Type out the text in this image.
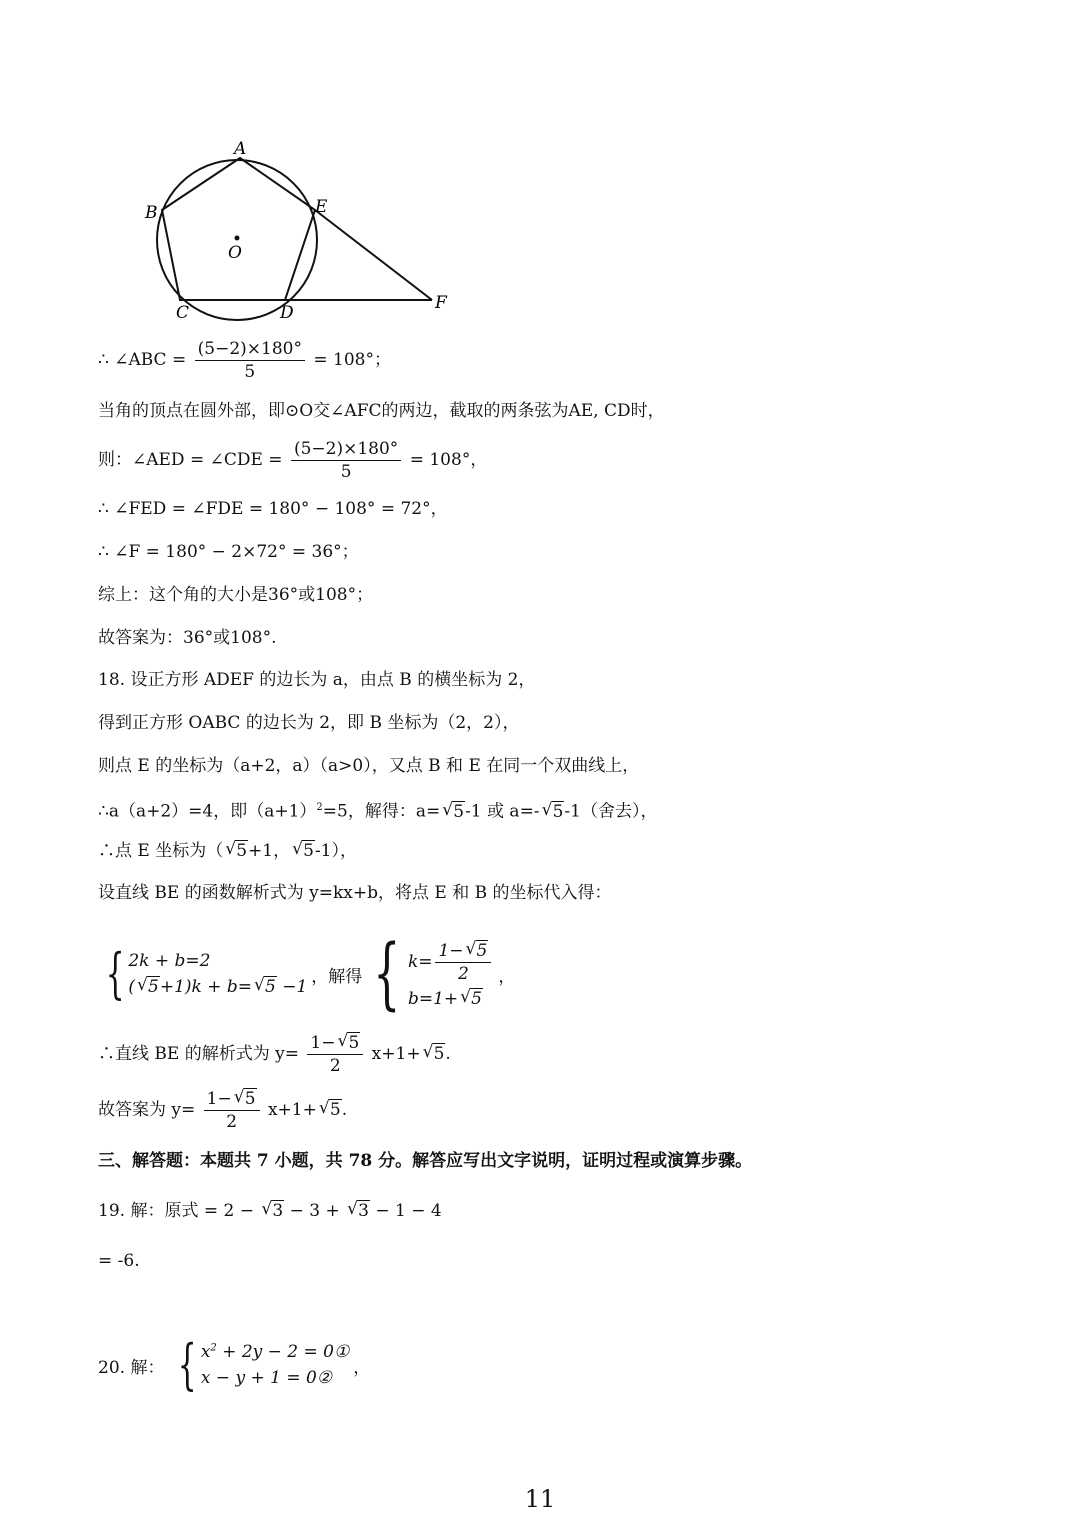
A
B
C	D
E
F
O
∴ ∠ABC = $\frac{(5-2)\times 180^\circ}{5} = 108^\circ$；
当角的顶点在圆外部，即⊙O交∠AFC的两边，截取的两条弦为AE, CD时，
则：∠AED = ∠CDE = $\frac{(5-2)\times 180^\circ}{5} = 108^\circ$，
∴ ∠FED = ∠FDE = 180° − 108° = 72°，
∴ ∠F = 180° − 2×72° = 36°；
综上：这个角的大小是36°或108°；
故答案为：36°或108°.
18. 设正方形 ADEF 的边长为 a，由点 B 的横坐标为 2，
得到正方形 OABC 的边长为 2，即 B 坐标为（2，2），
则点 E 的坐标为（a+2，a）（a>0），又点 B 和 E 在同一个双曲线上，
∴a（a+2）=4，即$(a+1)^2=5$，解得：a=√ 5-1 或 a=-√ 5-1（舍去），
∴点 E 坐标为（√ 5+1，√ 5-1），
设直线 BE 的函数解析式为 y=kx+b，将点 E 和 B 的坐标代入得：
{ 2k + b=2
(√ 5+1)k + b=√ 5 −1
，解得 { $k= \frac{1-√ 5}{2}$
b=1+√ 5
，
∴直线 BE 的解析式为 $y= \frac{1-√ 5}{2} x+1+√$ 5.
故答案为 $y= \frac{1-√ 5}{2} x+1+√$ 5.
三、解答题：本题共 7 小题，共 78 分。解答应写出文字说明，证明过程或演算步骤。
19. 解：原式 = 2 − √ 3 − 3 + √ 3 − 1 − 4
= -6.
20. 解： { $x^2 + 2y - 2$ = 0①
x − y + 1 = 0②
，
11
